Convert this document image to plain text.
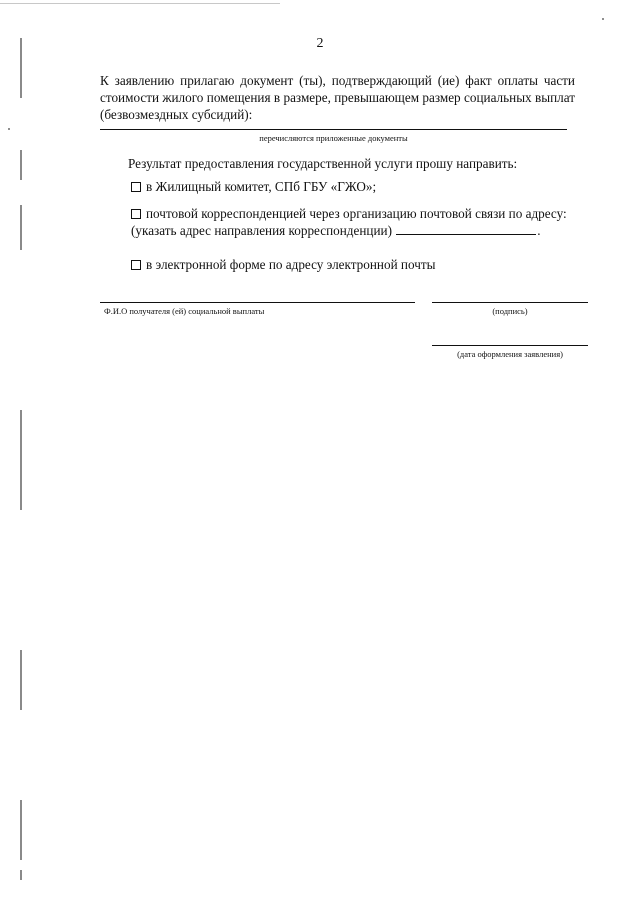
2

К заявлению прилагаю документ (ты), подтверждающий (ие) факт оплаты части стоимости жилого помещения в размере, превышающем размер социальных выплат (безвозмездных субсидий):

перечисляются приложенные документы
Результат предоставления государственной услуги прошу направить:
в Жилищный комитет, СПб ГБУ «ГЖО»;
почтовой корреспонденцией через организацию почтовой связи по адресу:
(указать адрес направления корреспонденции)	.
в электронной форме по адресу электронной почты
Ф.И.О получателя (ей) социальной выплаты	(подпись)
(дата оформления заявления)
